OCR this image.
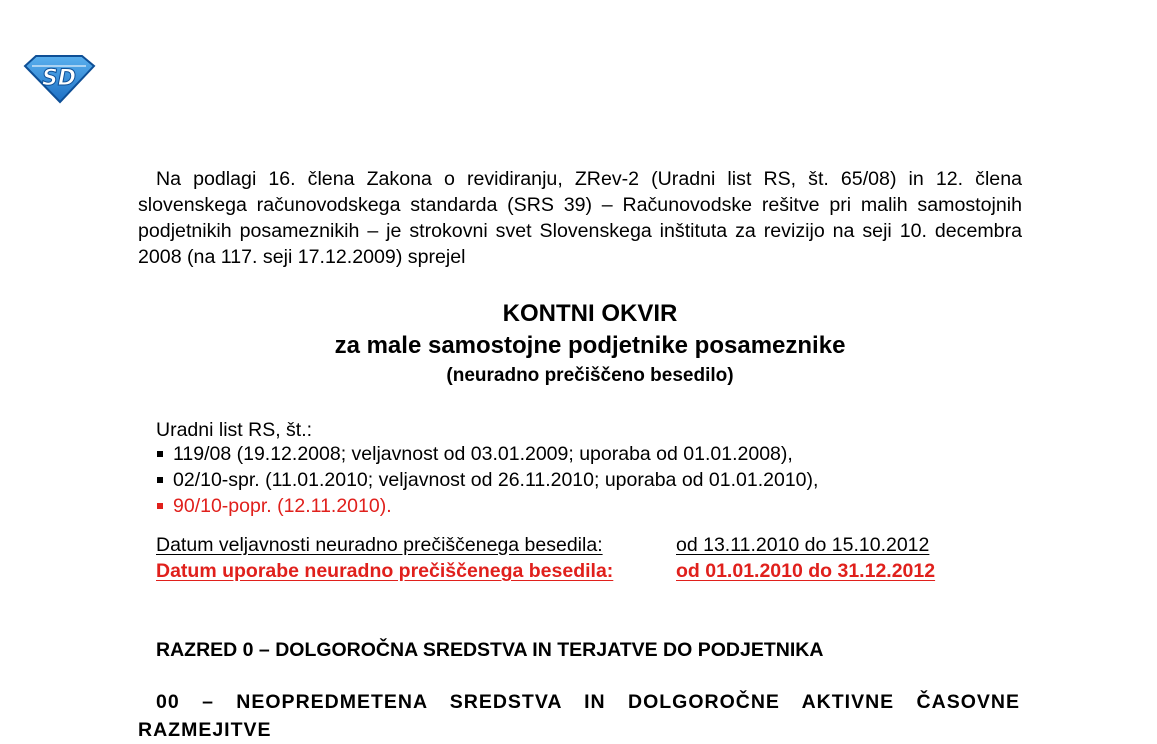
SD

Na podlagi 16. člena Zakona o revidiranju, ZRev-2 (Uradni list RS, št. 65/08) in 12. člena slovenskega računovodskega standarda (SRS 39) – Računovodske rešitve pri malih samostojnih podjetnikih posameznikih – je strokovni svet Slovenskega inštituta za revizijo na seji 10. decembra 2008 (na 117. seji 17.12.2009) sprejel

KONTNI OKVIR
za male samostojne podjetnike posameznike
(neuradno prečiščeno besedilo)

Uradni list RS, št.:

119/08 (19.12.2008; veljavnost od 03.01.2009; uporaba od 01.01.2008),
02/10-spr. (11.01.2010; veljavnost od 26.11.2010; uporaba od 01.01.2010),
90/10-popr. (12.11.2010).

Datum veljavnosti neuradno prečiščenega besedila:	od 13.11.2010 do 15.10.2012

Datum uporabe neuradno prečiščenega besedila:	od 01.01.2010 do 31.12.2012

RAZRED 0 – DOLGOROČNA SREDSTVA IN TERJATVE DO PODJETNIKA

00 – NEOPREDMETENA SREDSTVA IN DOLGOROČNE AKTIVNE ČASOVNE RAZMEJITVE
